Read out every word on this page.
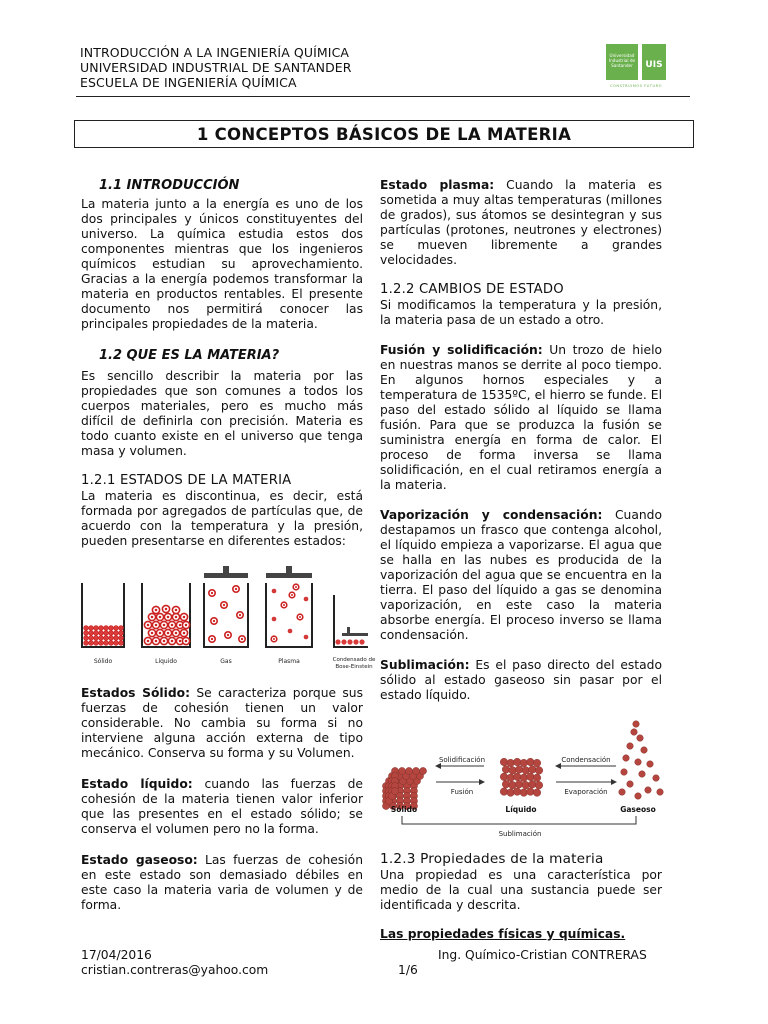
INTRODUCCIÓN A LA INGENIERÍA QUÍMICA
UNIVERSIDAD INDUSTRIAL DE SANTANDER
ESCUELA DE INGENIERÍA QUÍMICA
Universidad Industrial de Santander UIS
CONSTRUIMOS FUTURO
1 CONCEPTOS BÁSICOS DE LA MATERIA
1.1 INTRODUCCIÓN

La materia junto a la energía es uno de los dos principales y únicos constituyentes del universo. La química estudia estos dos componentes mientras que los ingenieros químicos estudian su aprovechamiento. Gracias a la energía podemos transformar la materia en productos rentables. El presente documento nos permitirá conocer las principales propiedades de la materia.

1.2 QUE ES LA MATERIA?

Es sencillo describir la materia por las propiedades que son comunes a todos los cuerpos materiales, pero es mucho más difícil de definirla con precisión. Materia es todo cuanto existe en el universo que tenga masa y volumen.

1.2.1 ESTADOS DE LA MATERIA

La materia es discontinua, es decir, está formada por agregados de partículas que, de acuerdo con la temperatura y la presión, pueden presentarse en diferentes estados:

Sólido	Líquido	Gas	Plasma	Condensado de Bose-Einstein

Estados Sólido: Se caracteriza porque sus fuerzas de cohesión tienen un valor considerable. No cambia su forma si no interviene alguna acción externa de tipo mecánico. Conserva su forma y su Volumen.

Estado líquido: cuando las fuerzas de cohesión de la materia tienen valor inferior que las presentes en el estado sólido; se conserva el volumen pero no la forma.

Estado gaseoso: Las fuerzas de cohesión en este estado son demasiado débiles en este caso la materia varia de volumen y de forma.

Estado plasma: Cuando la materia es sometida a muy altas temperaturas (millones de grados), sus átomos se desintegran y sus partículas (protones, neutrones y electrones) se mueven libremente a grandes velocidades.

1.2.2 CAMBIOS DE ESTADO

Si modificamos la temperatura y la presión, la materia pasa de un estado a otro.

Fusión y solidificación: Un trozo de hielo en nuestras manos se derrite al poco tiempo. En algunos hornos especiales y a temperatura de 1535ºC, el hierro se funde. El paso del estado sólido al líquido se llama fusión. Para que se produzca la fusión se suministra energía en forma de calor. El proceso de forma inversa se llama solidificación, en el cual retiramos energía a la materia.

Vaporización y condensación: Cuando destapamos un frasco que contenga alcohol, el líquido empieza a vaporizarse. El agua que se halla en las nubes es producida de la vaporización del agua que se encuentra en la tierra. El paso del líquido a gas se denomina vaporización, en este caso la materia absorbe energía. El proceso inverso se llama condensación.

Sublimación: Es el paso directo del estado sólido al estado gaseoso sin pasar por el estado líquido.

Solidificación
Fusión
Condensación
Evaporación
Sublimación
Sólido	Líquido	Gaseoso
1.2.3 Propiedades de la materia

Una propiedad es una característica por medio de la cual una sustancia puede ser identificada y descrita.

Las propiedades físicas y químicas.
17/04/2016
cristian.contreras@yahoo.com
Ing. Químico-Cristian CONTRERAS
1/6
